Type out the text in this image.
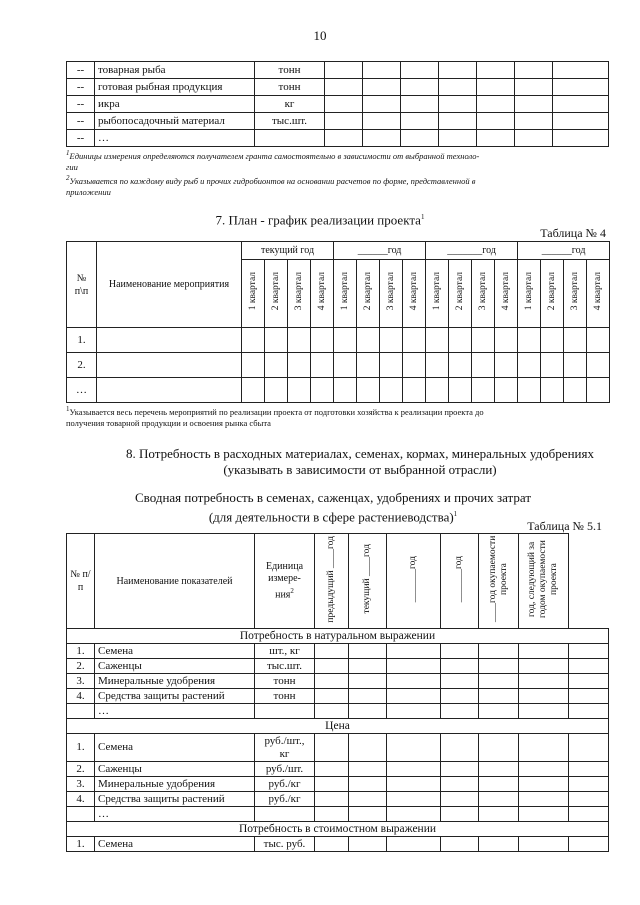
10
--	товарная рыба	тонн							
--	готовая рыбная продукция	тонн							
--	икра	кг							
--	рыбопосадочный материал	тыс.шт.							
--	…								
$^1$Единицы измерения определяются получателем гранта самостоятельно в зависимости от выбранной техноло-
гии
$^2$Указывается по каждому виду рыб и прочих гидробионтов на основании расчетов по форме, представленной в
приложении
7. План - график реализации проекта$^1$
Таблица № 4
№ п\п	Наименование мероприятия	текущий год				______год				_______год				______год			
		1 квартал	2 квартал	3 квартал	4 квартал	1 квартал	2 квартал	3 квартал	4 квартал	1 квартал	2 квартал	3 квартал	4 квартал	1 квартал	2 квартал	3 квартал	4 квартал
1.																	
2.																	
…																	
$^1$Указывается весь перечень мероприятий по реализации проекта от подготовки хозяйства к реализации проекта до
получения товарной продукции и освоения рынка сбыта
8. Потребность в расходных материалах, семенах, кормах, минеральных удобрениях
(указывать в зависимости от выбранной отрасли)
Сводная потребность в семенах, саженцах, удобрениях и прочих затрат
(для деятельности в сфере растениеводства)$^1$
Таблица № 5.1
№ п/п	Наименование показателей	Единица
измере-
ния$^2$	предыдущий ____год	текущий ____год	_______год	_______год	____год окупаемости проекта	год, следующий за годом окупаемости проекта	
Потребность в натуральном выражении									
1.	Семена	шт., кг							

2.	Саженцы	тыс.шт.							

3.	Минеральные удобрения	тонн							

4.	Средства защиты растений	тонн							

	…	

Цена									
1.	Семена	руб./шт.,
кг							

2.	Саженцы	руб./шт.							

3.	Минеральные удобрения	руб./кг							

4.	Средства защиты растений	руб./кг							

	…	

Потребность в стоимостном выражении									
1.	Семена	тыс. руб.							
